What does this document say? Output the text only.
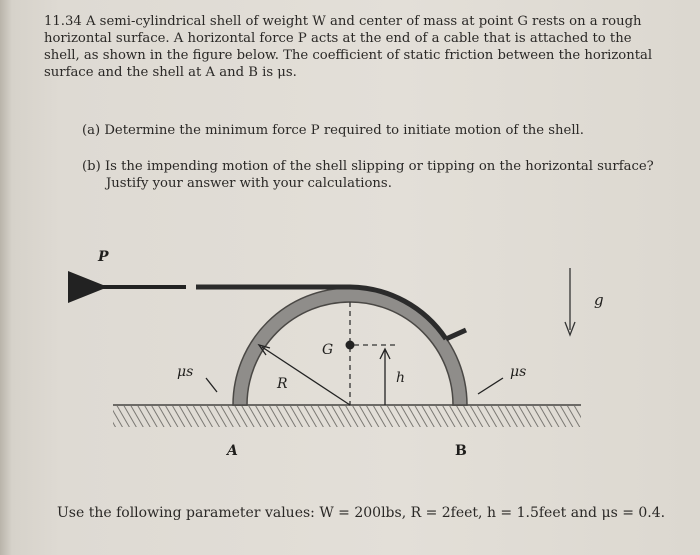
11.34 A semi-cylindrical shell of weight W and center of mass at point G rests on a rough horizontal surface. A horizontal force P acts at the end of a cable that is attached to the shell, as shown in the figure below. The coefficient of static friction between the horizontal surface and the shell at A and B is μs.
(a) Determine the minimum force P required to initiate motion of the shell.
(b) Is the impending motion of the shell slipping or tipping on the horizontal surface?
Justify your answer with your calculations.
P
g
G
R	h
μs	μs
A	B
Use the following parameter values: W = 200lbs, R = 2feet, h = 1.5feet and μs = 0.4.
